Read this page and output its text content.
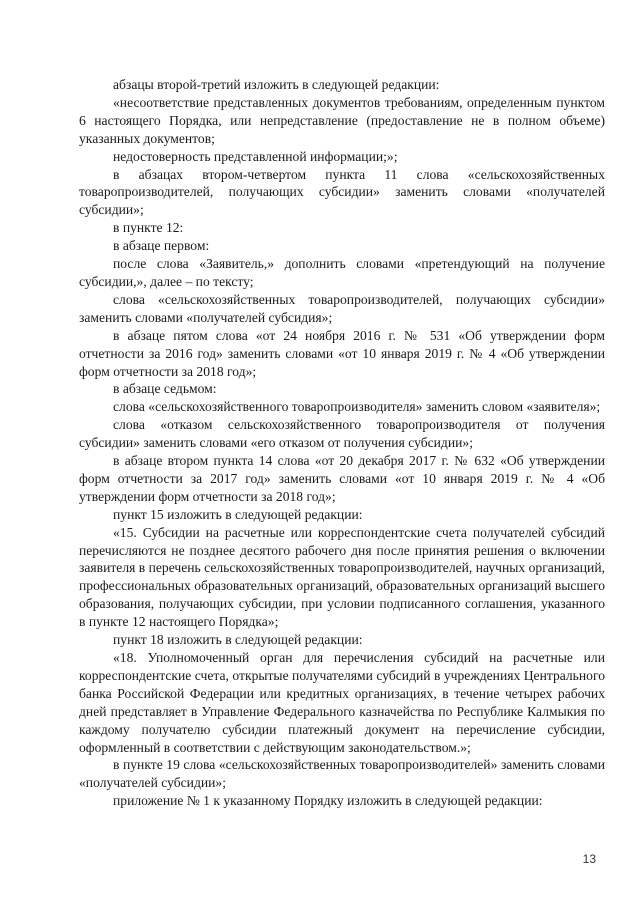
абзацы второй-третий изложить в следующей редакции:

«несоответствие представленных документов требованиям, определенным пунктом 6 настоящего Порядка, или непредставление (предоставление не в полном объеме) указанных документов;

недостоверность представленной информации;»;

в абзацах втором-четвертом пункта 11 слова «сельскохозяйственных товаропроизводителей, получающих субсидии» заменить словами «получателей субсидии»;

в пункте 12:

в абзаце первом:

после слова «Заявитель,» дополнить словами «претендующий на получение субсидии,», далее – по тексту;

слова «сельскохозяйственных товаропроизводителей, получающих субсидии» заменить словами «получателей субсидия»;

в абзаце пятом слова «от 24 ноября 2016 г. № 531 «Об утверждении форм отчетности за 2016 год» заменить словами «от 10 января 2019 г. № 4 «Об утверждении форм отчетности за 2018 год»;

в абзаце седьмом:

слова «сельскохозяйственного товаропроизводителя» заменить словом «заявителя»;

слова «отказом сельскохозяйственного товаропроизводителя от получения субсидии» заменить словами «его отказом от получения субсидии»;

в абзаце втором пункта 14 слова «от 20 декабря 2017 г. № 632 «Об утверждении форм отчетности за 2017 год» заменить словами «от 10 января 2019 г. № 4 «Об утверждении форм отчетности за 2018 год»;

пункт 15 изложить в следующей редакции:

«15. Субсидии на расчетные или корреспондентские счета получателей субсидий перечисляются не позднее десятого рабочего дня после принятия решения о включении заявителя в перечень сельскохозяйственных товаропроизводителей, научных организаций, профессиональных образовательных организаций, образовательных организаций высшего образования, получающих субсидии, при условии подписанного соглашения, указанного в пункте 12 настоящего Порядка»;

пункт 18 изложить в следующей редакции:

«18. Уполномоченный орган для перечисления субсидий на расчетные или корреспондентские счета, открытые получателями субсидий в учреждениях Центрального банка Российской Федерации или кредитных организациях, в течение четырех рабочих дней представляет в Управление Федерального казначейства по Республике Калмыкия по каждому получателю субсидии платежный документ на перечисление субсидии, оформленный в соответствии с действующим законодательством.»;

в пункте 19 слова «сельскохозяйственных товаропроизводителей» заменить словами «получателей субсидии»;

приложение № 1 к указанному Порядку изложить в следующей редакции:

13
